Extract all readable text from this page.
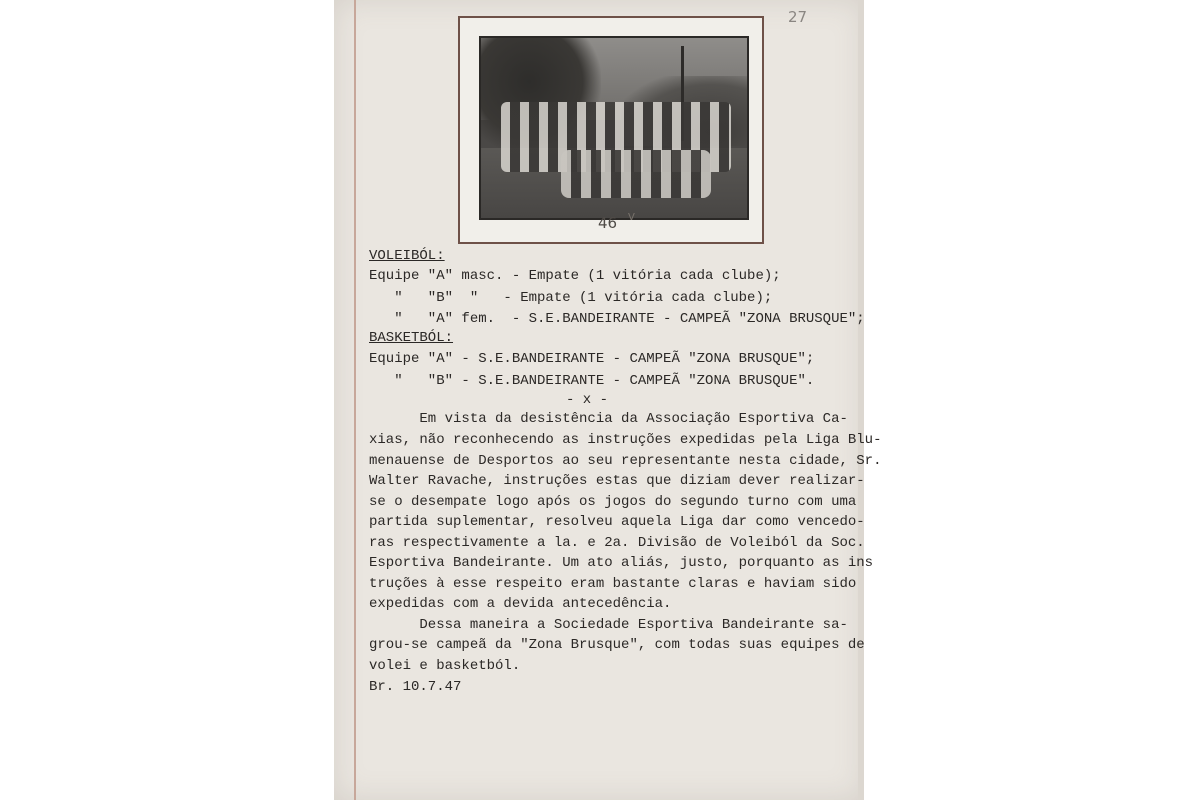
27
46 V
VOLEIBÓL:
Equipe "A" masc. - Empate (1 vitória cada clube);
"   "B"  "   - Empate (1 vitória cada clube);
"   "A" fem.  - S.E.BANDEIRANTE - CAMPEÃ "ZONA BRUSQUE";
BASKETBÓL:
Equipe "A" - S.E.BANDEIRANTE - CAMPEÃ "ZONA BRUSQUE";
"   "B" - S.E.BANDEIRANTE - CAMPEÃ "ZONA BRUSQUE".
- x -
Em vista da desistência da Associação Esportiva Ca-
xias, não reconhecendo as instruções expedidas pela Liga Blu-
menauense de Desportos ao seu representante nesta cidade, Sr.
Walter Ravache, instruções estas que diziam dever realizar-
se o desempate logo após os jogos do segundo turno com uma
partida suplementar, resolveu aquela Liga dar como vencedo-
ras respectivamente a la. e 2a. Divisão de Voleiból da Soc.
Esportiva Bandeirante. Um ato aliás, justo, porquanto as ins
truções à esse respeito eram bastante claras e haviam sido
expedidas com a devida antecedência.
Dessa maneira a Sociedade Esportiva Bandeirante sa-
grou-se campeã da "Zona Brusque", com todas suas equipes de
volei e basketból.
Br. 10.7.47
